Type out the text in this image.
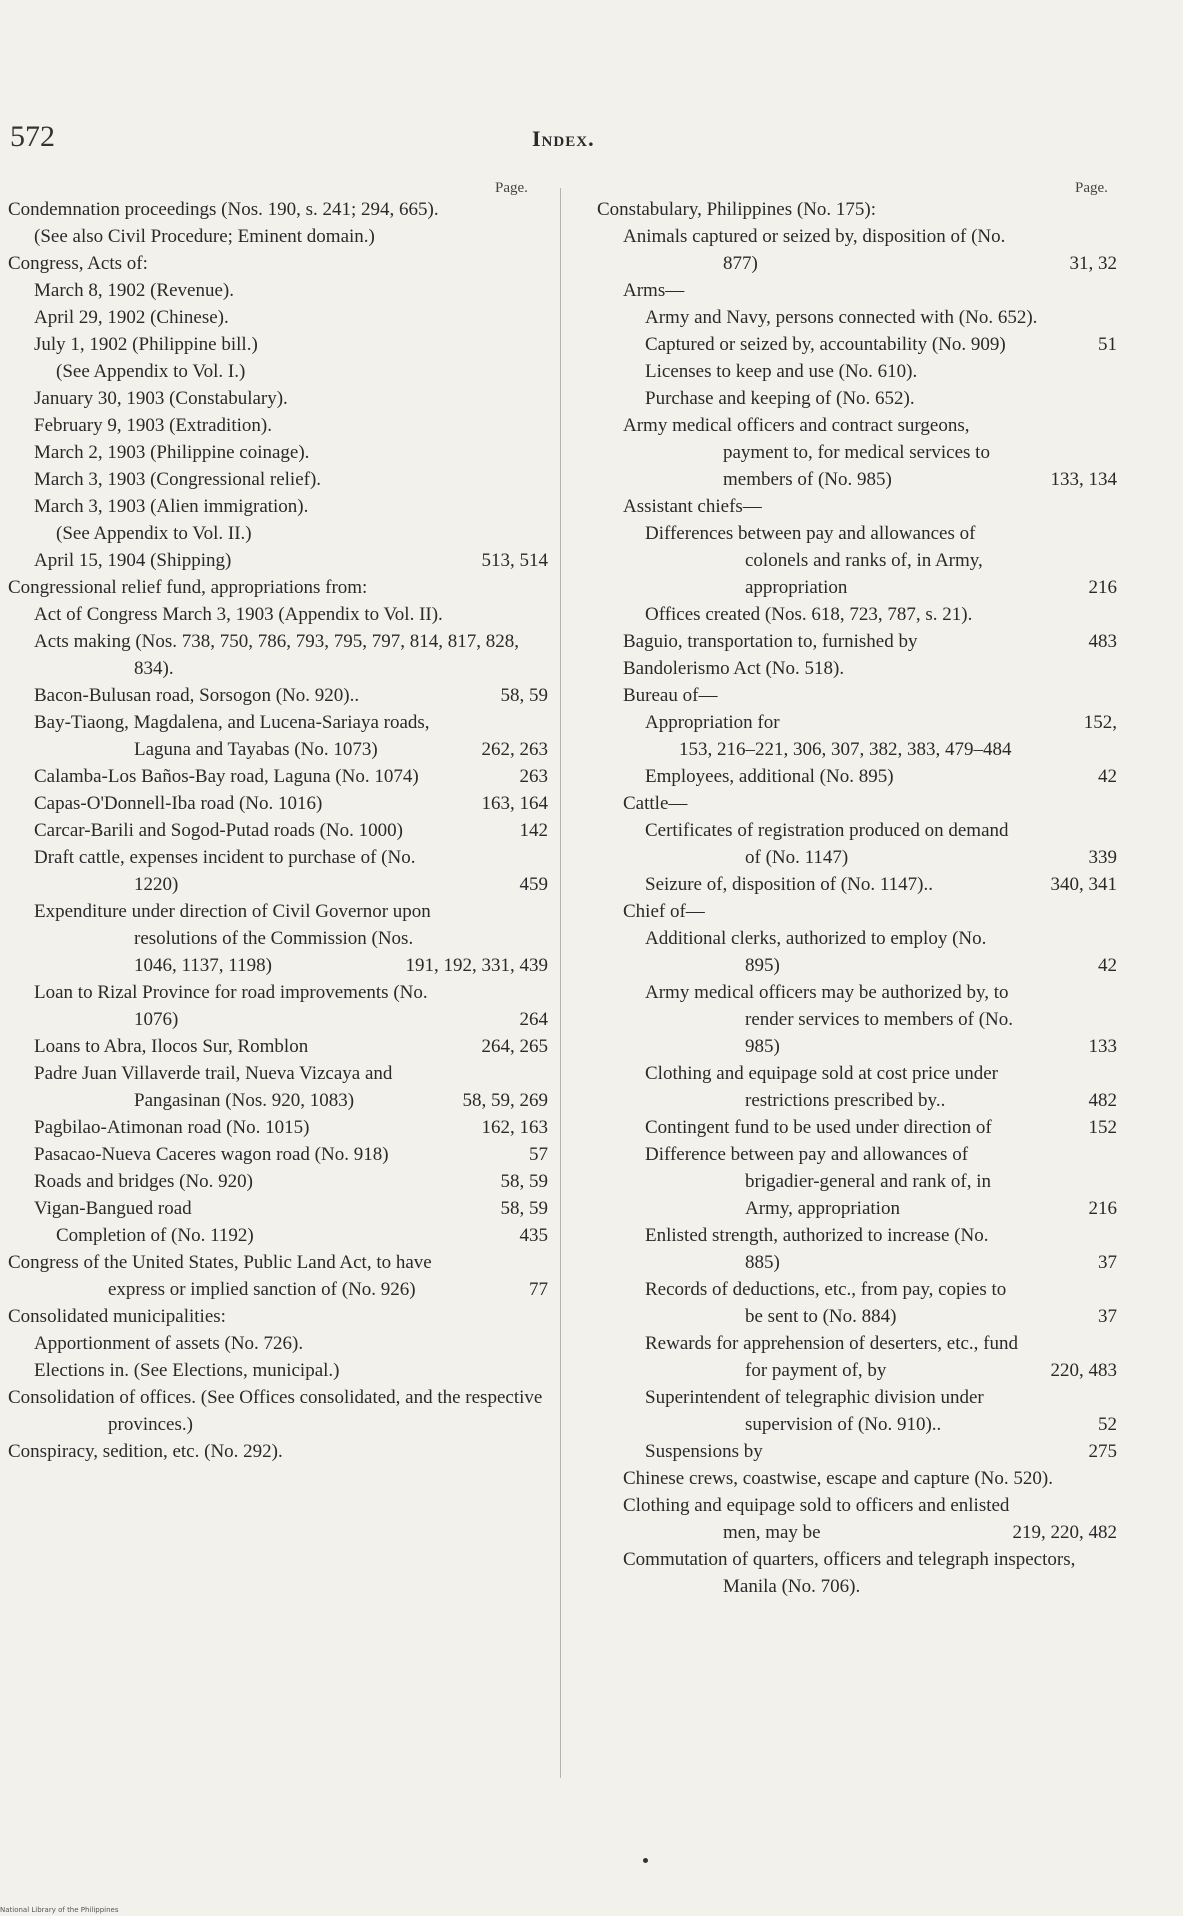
572	Index.
Page.
Condemnation proceedings (Nos. 190, s. 241; 294, 665).
(See also Civil Procedure; Eminent domain.)
Congress, Acts of:
March 8, 1902 (Revenue).
April 29, 1902 (Chinese).
July 1, 1902 (Philippine bill.)
(See Appendix to Vol. I.)
January 30, 1903 (Constabulary).
February 9, 1903 (Extradition).
March 2, 1903 (Philippine coinage).
March 3, 1903 (Congressional relief).
March 3, 1903 (Alien immigration).
(See Appendix to Vol. II.)
April 15, 1904 (Shipping)	513, 514
Congressional relief fund, appropriations from:
Act of Congress March 3, 1903 (Appendix to Vol. II).
Acts making (Nos. 738, 750, 786, 793, 795, 797, 814, 817, 828, 834).
Bacon-Bulusan road, Sorsogon (No. 920)..	58, 59
Bay-Tiaong, Magdalena, and Lucena-Sariaya roads, Laguna and Tayabas (No. 1073)	262, 263
Calamba-Los Baños-Bay road, Laguna (No. 1074)	263
Capas-O'Donnell-Iba road (No. 1016)	163, 164
Carcar-Barili and Sogod-Putad roads (No. 1000)	142
Draft cattle, expenses incident to purchase of (No. 1220)	459
Expenditure under direction of Civil Governor upon resolutions of the Commission (Nos. 1046, 1137, 1198)	191, 192, 331, 439
Loan to Rizal Province for road improvements (No. 1076)	264
Loans to Abra, Ilocos Sur, Romblon	264, 265
Padre Juan Villaverde trail, Nueva Vizcaya and Pangasinan (Nos. 920, 1083)	58, 59, 269
Pagbilao-Atimonan road (No. 1015)	162, 163
Pasacao-Nueva Caceres wagon road (No. 918)	57
Roads and bridges (No. 920)	58, 59
Vigan-Bangued road	58, 59
Completion of (No. 1192)	435
Congress of the United States, Public Land Act, to have express or implied sanction of (No. 926)	77
Consolidated municipalities:
Apportionment of assets (No. 726).
Elections in. (See Elections, municipal.)
Consolidation of offices. (See Offices consolidated, and the respective provinces.)
Conspiracy, sedition, etc. (No. 292).
Page.
Constabulary, Philippines (No. 175):
Animals captured or seized by, disposition of (No. 877)	31, 32
Arms—
Army and Navy, persons connected with (No. 652).
Captured or seized by, accountability (No. 909)	51
Licenses to keep and use (No. 610).
Purchase and keeping of (No. 652).
Army medical officers and contract surgeons, payment to, for medical services to members of (No. 985)	133, 134
Assistant chiefs—
Differences between pay and allowances of colonels and ranks of, in Army, appropriation	216
Offices created (Nos. 618, 723, 787, s. 21).
Baguio, transportation to, furnished by	483
Bandolerismo Act (No. 518).
Bureau of—
Appropriation for	152,
153, 216–221, 306, 307, 382, 383, 479–484
Employees, additional (No. 895)	42
Cattle—
Certificates of registration produced on demand of (No. 1147)	339
Seizure of, disposition of (No. 1147)..	340, 341
Chief of—
Additional clerks, authorized to employ (No. 895)	42
Army medical officers may be authorized by, to render services to members of (No. 985)	133
Clothing and equipage sold at cost price under restrictions prescribed by..	482
Contingent fund to be used under direction of	152
Difference between pay and allowances of brigadier-general and rank of, in Army, appropriation	216
Enlisted strength, authorized to increase (No. 885)	37
Records of deductions, etc., from pay, copies to be sent to (No. 884)	37
Rewards for apprehension of deserters, etc., fund for payment of, by	220, 483
Superintendent of telegraphic division under supervision of (No. 910)..	52
Suspensions by	275
Chinese crews, coastwise, escape and capture (No. 520).
Clothing and equipage sold to officers and enlisted men, may be	219, 220, 482
Commutation of quarters, officers and telegraph inspectors, Manila (No. 706).
National Library of the Philippines
